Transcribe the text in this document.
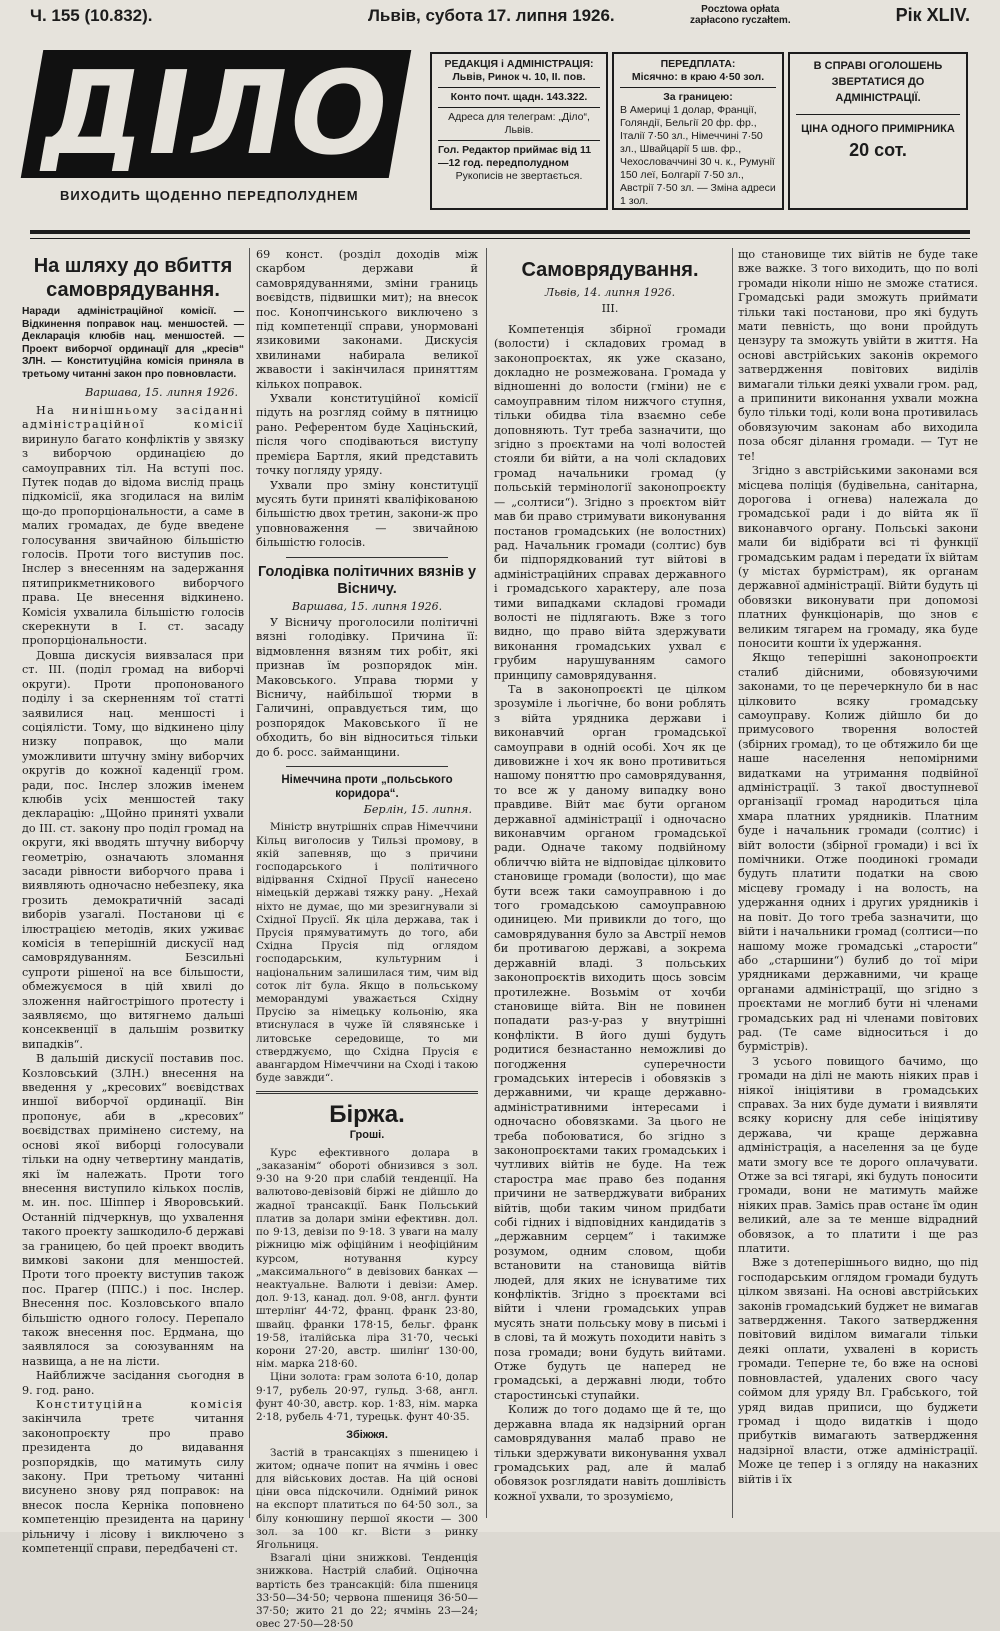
Ч. 155 (10.832).	Львів, субота 17. липня 1926.	Pocztowa opłata
zapłacono ryczałtem.	Рік XLIV.
ДІЛО
ВИХОДИТЬ ЩОДЕННО ПЕРЕДПОЛУДНЕМ
РЕДАКЦІЯ і АДМІНІСТРАЦІЯ:
Львів, Ринок ч. 10, II. пов.
Конто почт. щадн. 143.322.
Адреса для телеграм: „Діло“, Львів.
Гол. Редактор приймає від 11—12 год. передполудном
Рукописів не звертається.
ПЕРЕДПЛАТА:
Місячно: в краю 4·50 зол.
За границею:
В Америці 1 долар, Франції, Голяндії, Бельгії 20 фр. фр., Італії 7·50 зл., Німеччині 7·50 зл., Швайцарії 5 шв. фр., Чехословаччині 30 ч. к., Румунії 150 леї, Болгарії 7·50 зл., Австрії 7·50 зл. — Зміна адреси 1 зол.
В СПРАВІ ОГОЛОШЕНЬ ЗВЕРТАТИСЯ ДО АДМІНІСТРАЦІЇ.
ЦІНА ОДНОГО ПРИМІРНИКА
20 сот.
На шляху до вбиття самоврядування.
Наради адміністраційної комісії. — Відкинення поправок нац. меншостей. — Декларація клюбів нац. меншостей. — Проект виборчої ординації для „кресів“ ЗЛН. — Конституційна комісія приняла в третьому читанні закон про повновласти.
Варшава, 15. липня 1926.

На нинішньому засіданні адміністраційної комісії виринуло багато конфліктів у звязку з виборчою ординацією до самоуправних тіл. На вступі пос. Путек подав до відома вислід праць підкомісії, яка згодилася на вилім що-до пропорціональности, а саме в малих громадах, де буде введене голосування звичайною більшістю голосів. Проти того виступив пос. Інслер з внесенням на задержання пятиприкметникового виборчого права. Це внесення відкинено. Комісія ухвалила більшістю голосів скерекнути в І. ст. засаду пропорціональности.

Довша дискусія виявзалася при ст. III. (поділ громад на виборчі округи). Проти пропонованого поділу і за скерненням тої статті заявилися нац. меншості і соціялісти. Тому, що відкинено цілу низку поправок, що мали уможливити штучну зміну виборчих округів до кожної каденції гром. ради, пос. Інслер зложив іменем клюбів усіх меншостей таку декларацію: „Щойно приняті ухвали до III. ст. закону про поділ громад на округи, які вводять штучну виборчу геометрію, означають зломання засади рівности виборчого права і виявляють одночасно небезпеку, яка грозить демократичній засаді виборів узагалі. Постанови ці є ілюстрацією методів, яких уживає комісія в теперішній дискусії над самоврядуванням. Безсильні супроти рішеної на все більшости, обмежуємося в цій хвилі до зложення найгострішого протесту і заявляємо, що витягнемо дальші консеквенції в дальшім розвитку випадків“.

В дальшій дискусії поставив пос. Козловський (ЗЛН.) внесення на введення у „кресових“ воєвідствах иншої виборчої ординації. Він пропонує, аби в „кресових“ воєвідствах примінено систему, на основі якої виборці голосували тільки на одну четвертину мандатів, які їм належать. Проти того внесення виступило кількох послів, м. ин. пос. Шіппер і Яворовський. Останній підчеркнув, що ухвалення такого проекту зашкодило-б державі за границею, бо цей проект вводить вимкові закони для меншостей. Проти того проекту виступив також пос. Прагер (ППС.) і пос. Інслер. Внесення пос. Козловського впало більшістю одного голосу. Перепало також внесення пос. Ердмана, що заявлялося за союзуванням на назвища, а не на лісти.

Найближче засідання сьогодня в 9. год. рано.

Конституційна комісія закінчила третє читання законопроєкту про право президента до видавання розпорядків, що матимуть силу закону. При третьому читанні висунено знову ряд поправок: на внесок посла Керніка поповнено компетенцію президента на царину рільничу і лісову і виключено з компетенції справи, передбачені ст.

69 конст. (розділ доходів між скарбом держави й самоврядуваннями, зміни границь воєвідств, підвишки мит); на внесок пос. Конопчинського виключено з під компетенції справи, унормовані язиковими законами. Дискусія хвилинами набирала великої жвавости і закінчилася приняттям кількох поправок.

Ухвали конституційної комісії підуть на розгляд сойму в пятницю рано. Референтом буде Хаціньский, після чого сподіваються виступу премієра Бартля, який представить точку погляду уряду.

Ухвали про зміну конституції мусять бути приняті кваліфікованою більшістю двох третин, закони-ж про уповноваження — звичайною більшістю голосів.

Голодівка політичних вязнів у Вісничу.
Варшава, 15. липня 1926.

У Вісничу проголосили політичні вязні голодівку. Причина її: відмовлення вязням тих робіт, які признав їм розпорядок мін. Маковського. Управа тюрми у Вісничу, найбільшої тюрми в Галичині, оправдується тим, що розпорядок Маковського її не обходить, бо він відноситься тільки до б. росс. займанщини.

Німеччина проти „польського коридора“.
Берлін, 15. липня.

Міністр внутрішніх справ Німеччини Кільц виголосив у Тильзі промову, в якій запевняв, що з причини господарського і політичного відірвання Східної Прусії нанесено німецькій державі тяжку рану. „Нехай ніхто не думає, що ми зрезигнували зі Східної Прусії. Як ціла держава, так і Прусія прямуватимуть до того, аби Східна Прусія під оглядом господарським, культурним і національним залишилася тим, чим від соток літ була. Якщо в польському меморандумі уважається Східну Прусію за німецьку кольонію, яка втиснулася в чуже їй слявянське і литовське середовище, то ми стверджуємо, що Східна Прусія є авангардом Німеччини на Сході і такою буде завжди“.

Біржа.
Гроші.

Курс ефективного долара в „заказанім“ обороті обнизився з зол. 9·30 на 9·20 при слабій тенденції. На валютово-девізовій біржі не дійшло до жадної трансакції. Банк Польський платив за долари зміни ефективн. дол. по 9·13, девізи по 9·18. З уваги на малу ріжницю між офіційним і неофіційним курсом, нотування курсу „максимального“ в девізових банках — неактуальне. Валюти і девізи: Амер. дол. 9·13, канад. дол. 9·08, англ. фунти штерлінґ 44·72, франц. франк 23·80, швайц. франки 178·15, бельг. франк 19·58, італійська ліра 31·70, чеські корони 27·20, австр. шилінґ 130·00, нім. марка 218·60.

Ціни золота: грам золота 6·10, долар 9·17, рубель 20·97, гульд. 3·68, англ. фунт 40·30, австр. кор. 1·83, нім. марка 2·18, рубель 4·71, турецьк. фунт 40·35.

Збіжжя.

Застій в трансакціях з пшеницею і житом; одначе попит на ячмінь і овес для військових достав. На цій основі ціни овса підскочили. Однімий ринок на експорт платиться по 64·50 зол., за білу конюшину першої якости — 300 зол. за 100 кг. Вісти з ринку Ягольниця.

Взагалі ціни знижкові. Тенденція знижкова. Настрій слабий. Оціночна вартість без трансакцій: біла пшениця 33·50—34·50; червона пшениця 36·50—37·50; жито 21 до 22; ячмінь 23—24; овес 27·50—28·50

Самоврядування.
Львів, 14. липня 1926.
III.

Компетенція збірної громади (волости) і складових громад в законопроєктах, як уже сказано, докладно не розмежована. Громада у відношенні до волости (гміни) не є самоуправним тілом нижчого ступня, тільки обидва тіла взаємно себе доповняють. Тут треба зазначити, що згідно з проєктами на чолі волостей стояли би війти, а на чолі складових громад начальники громад (у польській термінології законопроєкту — „солтиси“). Згідно з проєктом війт мав би право стримувати виконування постанов громадських (не волостних) рад. Начальник громади (солтис) був би підпорядкований тут війтові в адміністраційних справах державного і громадського характеру, але поза тими випадками складові громади волості не підлягають. Вже з того видно, що право війта здержувати виконання громадських ухвал є грубим нарушуванням самого принципу самоврядування.

Та в законопроєкті це цілком зрозуміле і льогічне, бо вони роблять з війта урядника держави і виконавчий орган громадської самоуправи в одній особі. Хоч як це дивовижне і хоч як воно противиться нашому поняттю про самоврядування, то все ж у даному випадку воно правдиве. Війт має бути органом державної адміністрації і одночасно виконавчим органом громадської ради. Одначе такому подвійному обличчю війта не відповідає цілковито становище громади (волости), що має бути всеж таки самоуправною і до того громадською самоуправною одиницею. Ми привикли до того, що самоврядування було за Австрії немов би противагою державі, а зокрема державній владі. З польських законопроєктів виходить щось зовсім протилежне. Возьмім от хочби становище війта. Він не повинен попадати раз-у-раз у внутрішні конфлікти. В його душі будуть родитися безнастанно неможливі до погодження суперечности громадських інтересів і обовязків з державними, чи краще державно-адміністративними інтересами і одночасно обовязками. За цього не треба побоюватися, бо згідно з законопроєктами таких громадських і чутливих війтів не буде. На теж старостра має право без подання причини не затверджувати вибраних війтів, щоби таким чином придбати собі гідних і відповідних кандидатів з „державним серцем“ і такимже розумом, одним словом, щоби встановити на становища війтів людей, для яких не існуватиме тих конфліктів. Згідно з проєктами всі війти і члени громадських управ мусять знати польську мову в письмі і в слові, та й можуть походити навіть з поза громади; вони будуть вийтами. Отже будуть це наперед не громадські, а державні люди, тобто старостинські ступайки.

Колиж до того додамо ще й те, що державна влада як надзірний орган самоврядування малаб право не тільки здержувати виконування ухвал громадських рад, але й малаб обовязок розглядати навіть дошлівість кожної ухвали, то зрозуміємо,

що становище тих війтів не буде таке вже важке. З того виходить, що по волі громади ніколи нішо не зможе статися. Громадські ради зможуть приймати тільки такі постанови, про які будуть мати певність, що вони пройдуть цензуру та зможуть увійти в життя. На основі австрійських законів окремого затвердження повітових виділів вимагали тільки деякі ухвали гром. рад, а припинити виконання ухвали можна було тільки тоді, коли вона противилась обовязуючим законам або виходила поза обсяг ділання громади. — Тут не те!

Згідно з австрійськими законами вся місцева поліція (будівельна, санітарна, дорогова і огнева) належала до громадської ради і до війта як її виконавчого органу. Польські закони мали би відібрати всі ті функції громадським радам і передати їх війтам (у містах бурмістрам), як органам державної адміністрації. Війти будуть ці обовязки виконувати при допомозі платних функціонарів, що знов є великим тягарем на громаду, яка буде поносити кошти їх удержання.

Якщо теперішні законопроєкти сталиб дійсними, обовязуючими законами, то це перечеркнуло би в нас цілковито всяку громадську самоуправу. Колиж дійшло би до примусового творення волостей (збірних громад), то це обтяжило би ще наше населення непомірними видатками на утримання подвійної адміністрації. З такої двоступневої організації громад народиться ціла хмара платних урядників. Платним буде і начальник громади (солтис) і війт волости (збірної громади) і всі їх помічники. Отже поодинокі громади будуть платити податки на свою місцеву громаду і на волость, на удержання одних і других урядників і на повіт. До того треба зазначити, що війти і начальники громад (солтиси—по нашому може громадські „старости“ або „старшини“) булиб до тої міри урядниками державними, чи краще органами адміністрації, що згідно з проєктами не моглиб бути ні членами громадських рад ні членами повітових рад. (Те саме відноситься і до бурмістрів).

З усього повищого бачимо, що громади на ділі не мають ніяких прав і ніякої ініціятиви в громадських справах. За них буде думати і виявляти всяку корисну для себе ініціятиву держава, чи краще державна адміністрація, а населення за це буде мати змогу все те дорого оплачувати. Отже за всі тягарі, які будуть поносити громади, вони не матимуть майже ніяких прав. Замісь прав останє їм один великий, але за те менше відрадний обовязок, а то платити і ще раз платити.

Вже з дотеперішнього видно, що під господарським оглядом громади будуть цілком звязані. На основі австрійських законів громадський буджет не вимагав затвердження. Такого затвердження повітовий виділом вимагали тільки деякі оплати, ухвалені в користь громади. Теперне те, бо вже на основі повновластей, удалених свого часу соймом для уряду Вл. Грабського, той уряд видав приписи, що буджети громад і щодо видатків і щодо прибутків вимагають затвердження надзірної власти, отже адміністрації. Може це тепер і з огляду на наказних війтів і їх
